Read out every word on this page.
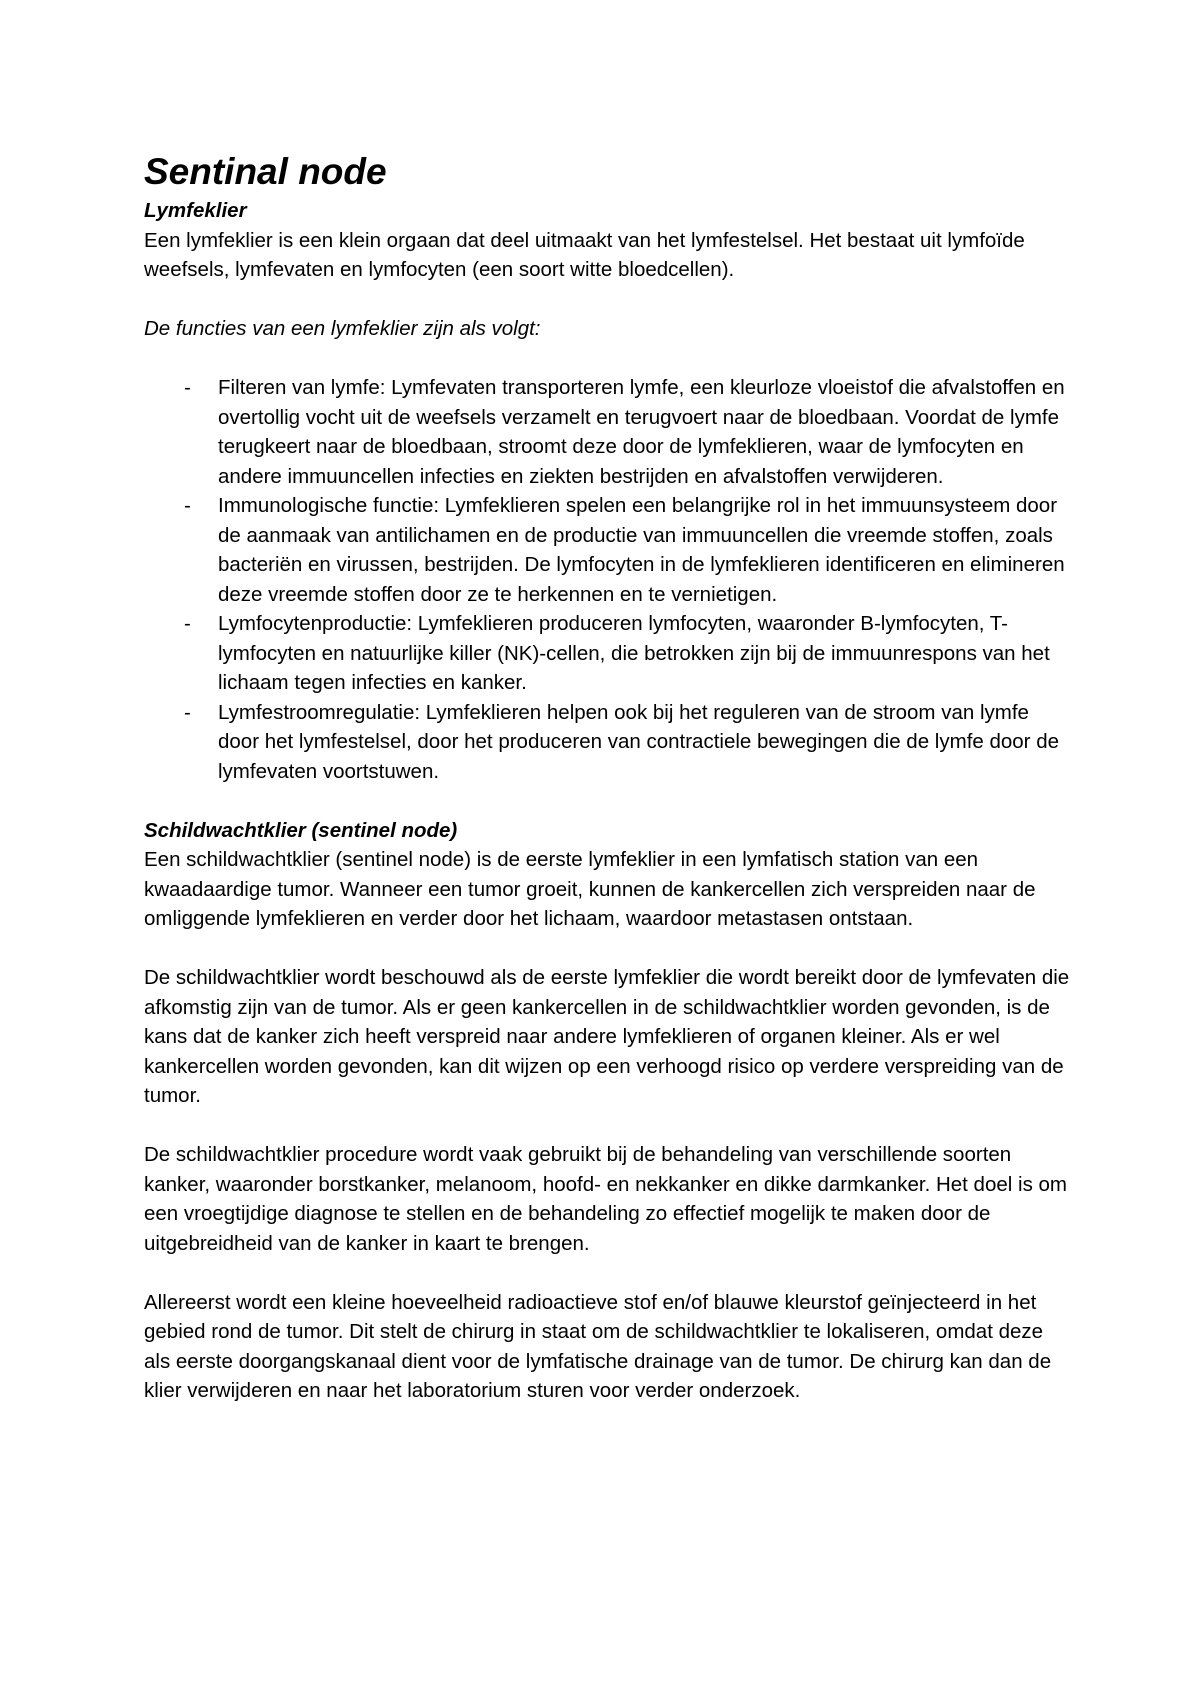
Sentinal node
Lymfeklier

Een lymfeklier is een klein orgaan dat deel uitmaakt van het lymfestelsel. Het bestaat uit lymfoïde weefsels, lymfevaten en lymfocyten (een soort witte bloedcellen).

De functies van een lymfeklier zijn als volgt:

- Filteren van lymfe: Lymfevaten transporteren lymfe, een kleurloze vloeistof die afvalstoffen en overtollig vocht uit de weefsels verzamelt en terugvoert naar de bloedbaan. Voordat de lymfe terugkeert naar de bloedbaan, stroomt deze door de lymfeklieren, waar de lymfocyten en andere immuuncellen infecties en ziekten bestrijden en afvalstoffen verwijderen.
- Immunologische functie: Lymfeklieren spelen een belangrijke rol in het immuunsysteem door de aanmaak van antilichamen en de productie van immuuncellen die vreemde stoffen, zoals bacteriën en virussen, bestrijden. De lymfocyten in de lymfeklieren identificeren en elimineren deze vreemde stoffen door ze te herkennen en te vernietigen.
- Lymfocytenproductie: Lymfeklieren produceren lymfocyten, waaronder B-lymfocyten, T-lymfocyten en natuurlijke killer (NK)-cellen, die betrokken zijn bij de immuunrespons van het lichaam tegen infecties en kanker.
- Lymfestroomregulatie: Lymfeklieren helpen ook bij het reguleren van de stroom van lymfe door het lymfestelsel, door het produceren van contractiele bewegingen die de lymfe door de lymfevaten voortstuwen.
Schildwachtklier (sentinel node)

Een schildwachtklier (sentinel node) is de eerste lymfeklier in een lymfatisch station van een kwaadaardige tumor. Wanneer een tumor groeit, kunnen de kankercellen zich verspreiden naar de omliggende lymfeklieren en verder door het lichaam, waardoor metastasen ontstaan.

De schildwachtklier wordt beschouwd als de eerste lymfeklier die wordt bereikt door de lymfevaten die afkomstig zijn van de tumor. Als er geen kankercellen in de schildwachtklier worden gevonden, is de kans dat de kanker zich heeft verspreid naar andere lymfeklieren of organen kleiner. Als er wel kankercellen worden gevonden, kan dit wijzen op een verhoogd risico op verdere verspreiding van de tumor.

De schildwachtklier procedure wordt vaak gebruikt bij de behandeling van verschillende soorten kanker, waaronder borstkanker, melanoom, hoofd- en nekkanker en dikke darmkanker. Het doel is om een vroegtijdige diagnose te stellen en de behandeling zo effectief mogelijk te maken door de uitgebreidheid van de kanker in kaart te brengen.

Allereerst wordt een kleine hoeveelheid radioactieve stof en/of blauwe kleurstof geïnjecteerd in het gebied rond de tumor. Dit stelt de chirurg in staat om de schildwachtklier te lokaliseren, omdat deze als eerste doorgangskanaal dient voor de lymfatische drainage van de tumor. De chirurg kan dan de klier verwijderen en naar het laboratorium sturen voor verder onderzoek.
